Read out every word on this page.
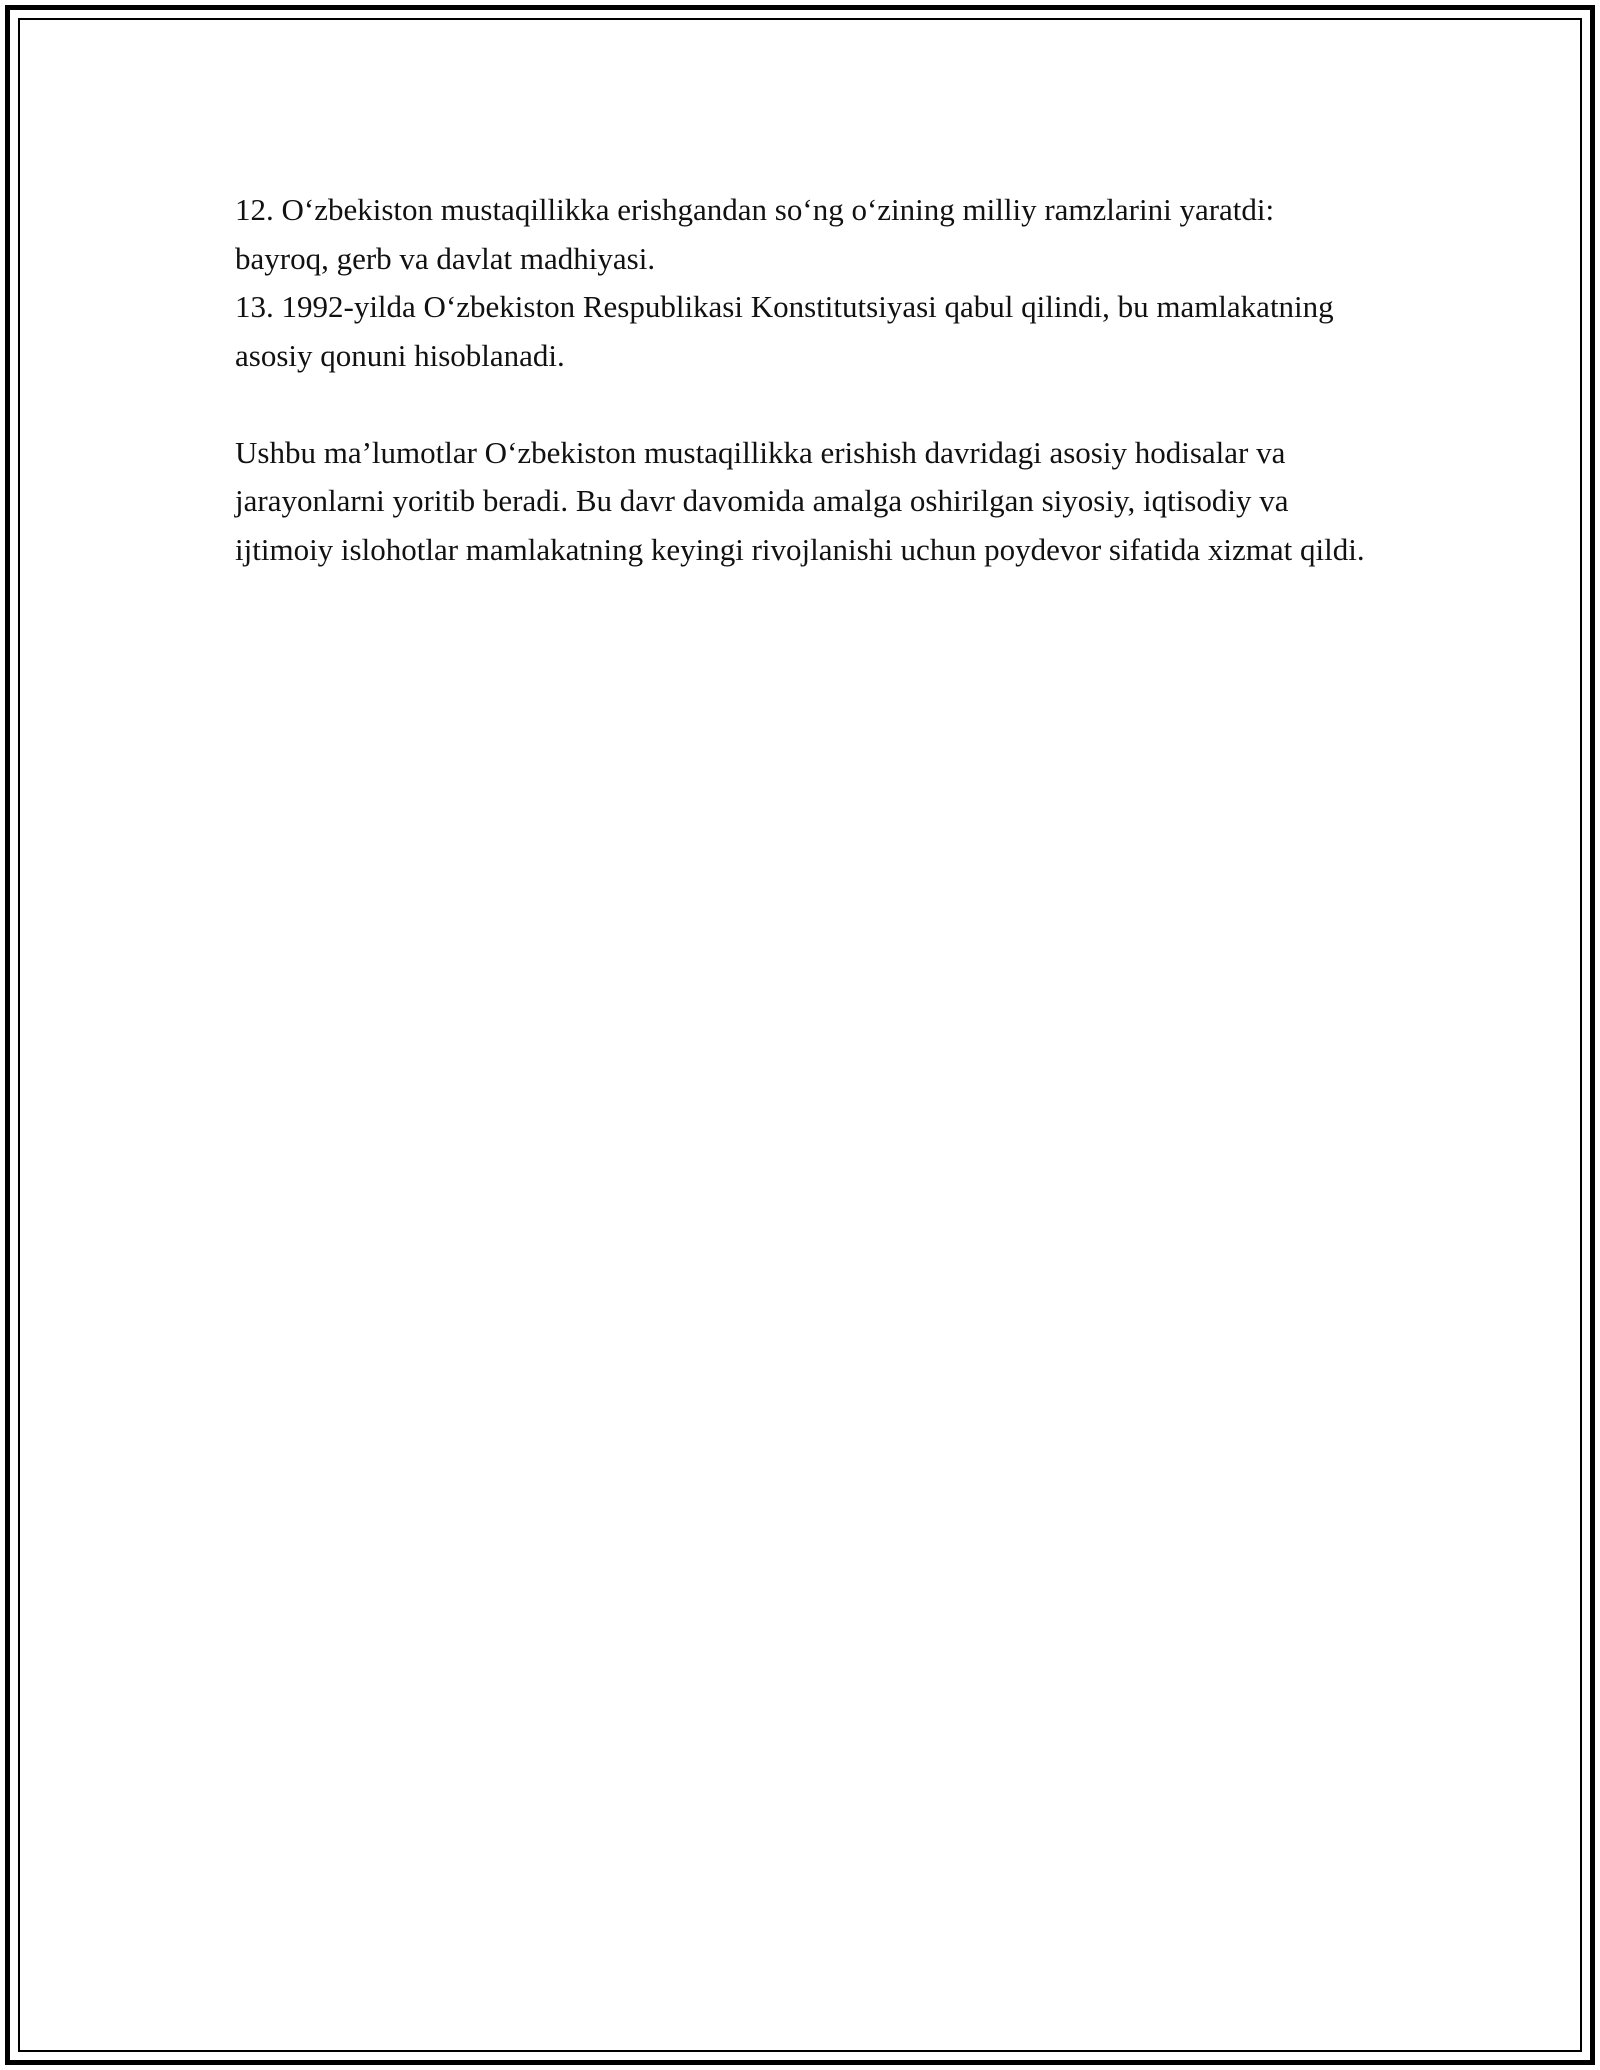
12. O‘zbekiston mustaqillikka erishgandan so‘ng o‘zining milliy ramzlarini yaratdi: bayroq, gerb va davlat madhiyasi.

13. 1992-yilda O‘zbekiston Respublikasi Konstitutsiyasi qabul qilindi, bu mamlakatning asosiy qonuni hisoblanadi.

Ushbu ma’lumotlar O‘zbekiston mustaqillikka erishish davridagi asosiy hodisalar va jarayonlarni yoritib beradi. Bu davr davomida amalga oshirilgan siyosiy, iqtisodiy va ijtimoiy islohotlar mamlakatning keyingi rivojlanishi uchun poydevor sifatida xizmat qildi.
